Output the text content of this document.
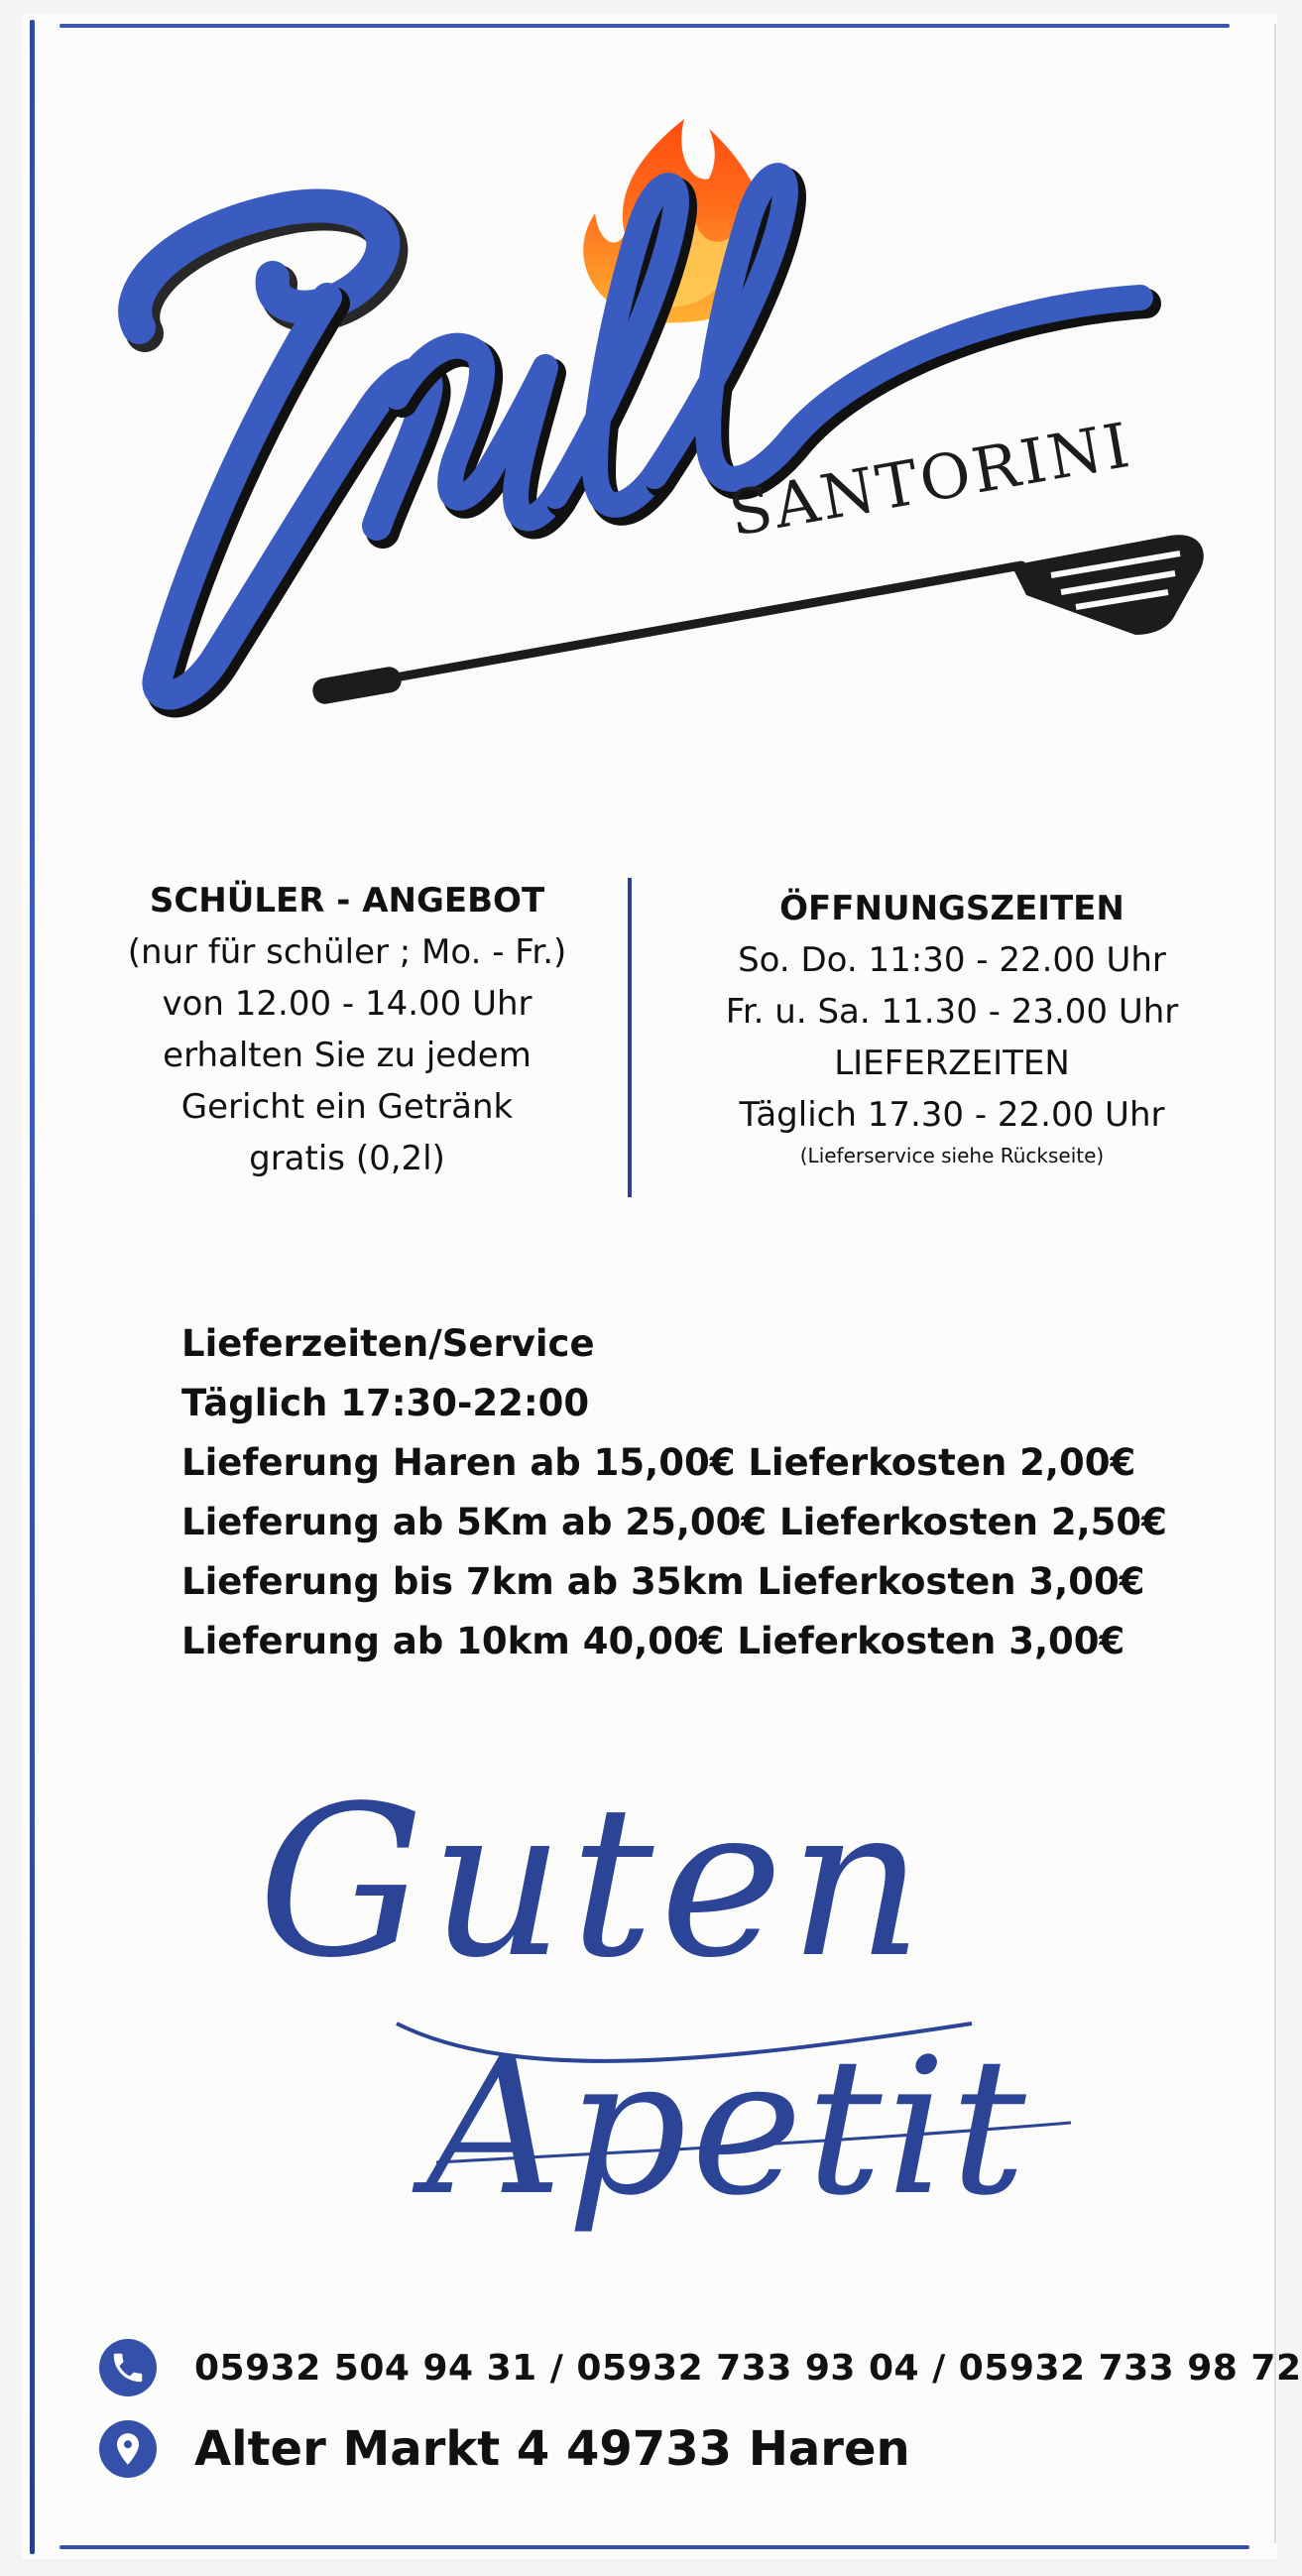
SANTORINI
SCHÜLER - ANGEBOT
(nur für schüler ; Mo. - Fr.)
von 12.00 - 14.00 Uhr
erhalten Sie zu jedem
Gericht ein Getränk
gratis (0,2l)
ÖFFNUNGSZEITEN
So. Do. 11:30 - 22.00 Uhr
Fr. u. Sa. 11.30 - 23.00 Uhr
LIEFERZEITEN
Täglich 17.30 - 22.00 Uhr
(Lieferservice siehe Rückseite)
Lieferzeiten/Service
Täglich 17:30-22:00
Lieferung Haren ab 15,00€ Lieferkosten 2,00€
Lieferung ab 5Km ab 25,00€ Lieferkosten 2,50€
Lieferung bis 7km ab 35km Lieferkosten 3,00€
Lieferung ab 10km 40,00€ Lieferkosten 3,00€
Guten
Apetit
05932 504 94 31 / 05932 733 93 04 / 05932 733 98 72
Alter Markt 4 49733 Haren
